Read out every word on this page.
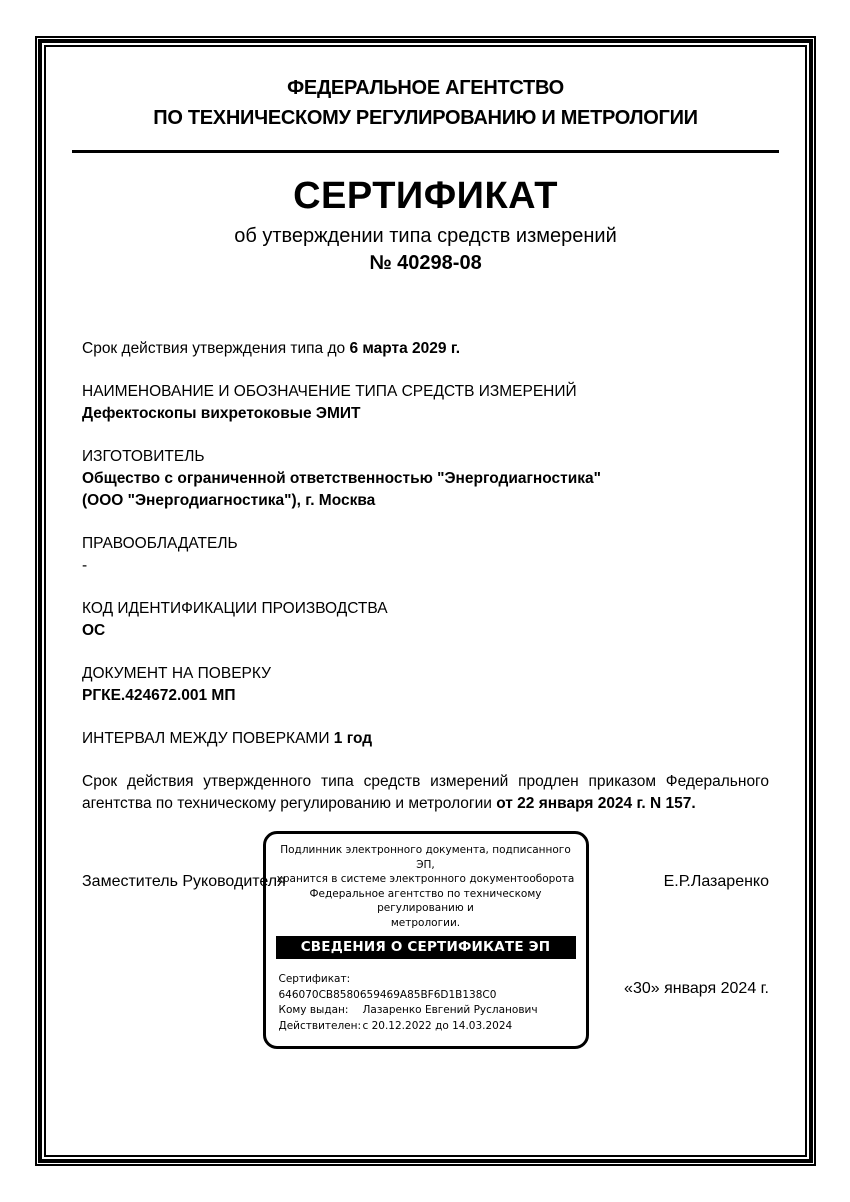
ФЕДЕРАЛЬНОЕ АГЕНТСТВО
ПО ТЕХНИЧЕСКОМУ РЕГУЛИРОВАНИЮ И МЕТРОЛОГИИ
СЕРТИФИКАТ
об утверждении типа средств измерений
№ 40298-08
Срок действия утверждения типа до 6 марта 2029 г.
НАИМЕНОВАНИЕ И ОБОЗНАЧЕНИЕ ТИПА СРЕДСТВ ИЗМЕРЕНИЙ
Дефектоскопы вихретоковые ЭМИТ
ИЗГОТОВИТЕЛЬ
Общество с ограниченной ответственностью "Энергодиагностика"
(ООО "Энергодиагностика"), г. Москва
ПРАВООБЛАДАТЕЛЬ
-
КОД ИДЕНТИФИКАЦИИ ПРОИЗВОДСТВА
ОС
ДОКУМЕНТ НА ПОВЕРКУ
РГКЕ.424672.001 МП
ИНТЕРВАЛ МЕЖДУ ПОВЕРКАМИ 1 год
Срок действия утвержденного типа средств измерений продлен приказом Федерального агентства по техническому регулированию и метрологии от 22 января 2024 г. N 157.
Заместитель Руководителя
Подлинник электронного документа, подписанного ЭП,
хранится в системе электронного документооборота
Федеральное агентство по техническому регулированию и
метрологии.
СВЕДЕНИЯ О СЕРТИФИКАТЕ ЭП
Сертификат:646070CB8580659469A85BF6D1B138C0
Кому выдан: Лазаренко Евгений Русланович
Действителен:с 20.12.2022 до 14.03.2024
Е.Р.Лазаренко
«30» января 2024 г.
